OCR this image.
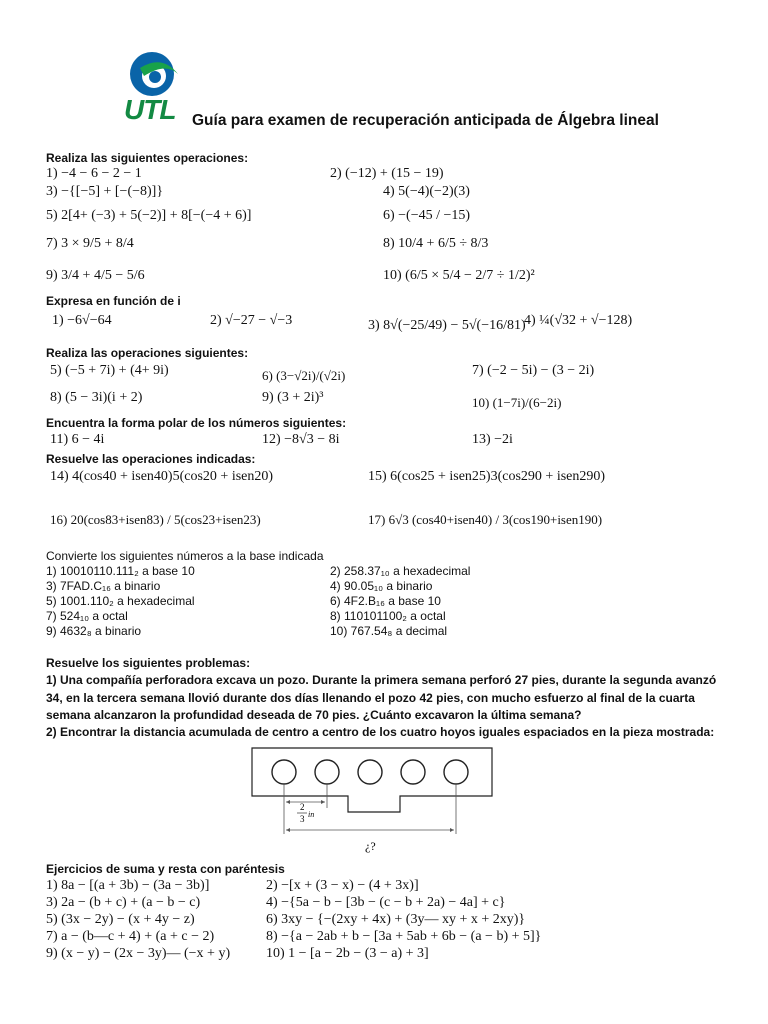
UTL Guía para examen de recuperación anticipada de Álgebra lineal
Realiza las siguientes operaciones:
1) −4 − 6 − 2 − 1	2) (−12) + (15 − 19)
3) −{[−5] + [−(−8)]}	4) 5(−4)(−2)(3)
5) 2[4+ (−3) + 5(−2)] + 8[−(−4 + 6)]	6) −(−45 / −15)
7) 3 × 9/5 + 8/4	8) 10/4 + 6/5 ÷ 8/3
9) 3/4 + 4/5 − 5/6	10) (6/5 × 5/4 − 2/7 ÷ 1/2)²
Expresa en función de i
1) −6√−64	2) √−27 − √−3	3) 8√(−25/49) − 5√(−16/81)
4) ¼(√32 + √−128)
Realiza las operaciones siguientes:
5) (−5 + 7i) + (4+ 9i)	6) (3−√2i)/(√2i)	7) (−2 − 5i) − (3 − 2i)
8) (5 − 3i)(i + 2)	9) (3 + 2i)³	10) (1−7i)/(6−2i)
Encuentra la forma polar de los números siguientes:
11) 6 − 4i	12) −8√3 − 8i	13) −2i
Resuelve las operaciones indicadas:
14) 4(cos40 + isen40)5(cos20 + isen20)	15) 6(cos25 + isen25)3(cos290 + isen290)
16) 20(cos83+isen83) / 5(cos23+isen23)	17) 6√3 (cos40+isen40) / 3(cos190+isen190)
Convierte los siguientes números a la base indicada
1) 10010110.111₂ a base 10	2) 258.37₁₀ a hexadecimal
3) 7FAD.C₁₆ a binario	4) 90.05₁₀ a binario
5) 1001.110₂ a hexadecimal	6) 4F2.B₁₆ a base 10
7) 524₁₀ a octal	8) 110101100₂ a octal
9) 4632₈ a binario	10) 767.54₈ a decimal
Resuelve los siguientes problemas:
1) Una compañía perforadora excava un pozo. Durante la primera semana perforó 27 pies, durante la segunda avanzó 34, en la tercera semana llovió durante dos días llenando el pozo 42 pies, con mucho esfuerzo al final de la cuarta semana alcanzaron la profundidad deseada de 70 pies. ¿Cuánto excavaron la última semana?
2) Encontrar la distancia acumulada de centro a centro de los cuatro hoyos iguales espaciados en la pieza mostrada:
2
3 in
¿?
Ejercicios de suma y resta con paréntesis
1) 8a − [(a + 3b) − (3a − 3b)]	2) −[x + (3 − x) − (4 + 3x)]
3) 2a − (b + c) + (a − b − c)	4) −{5a − b − [3b − (c − b + 2a) − 4a] + c}
5) (3x − 2y) − (x + 4y − z)	6) 3xy − {−(2xy + 4x) + (3y— xy + x + 2xy)}
7) a − (b—c + 4) + (a + c − 2)	8) −{a − 2ab + b − [3a + 5ab + 6b − (a − b) + 5]}
9) (x − y) − (2x − 3y)— (−x + y)	10) 1 − [a − 2b − (3 − a) + 3]
